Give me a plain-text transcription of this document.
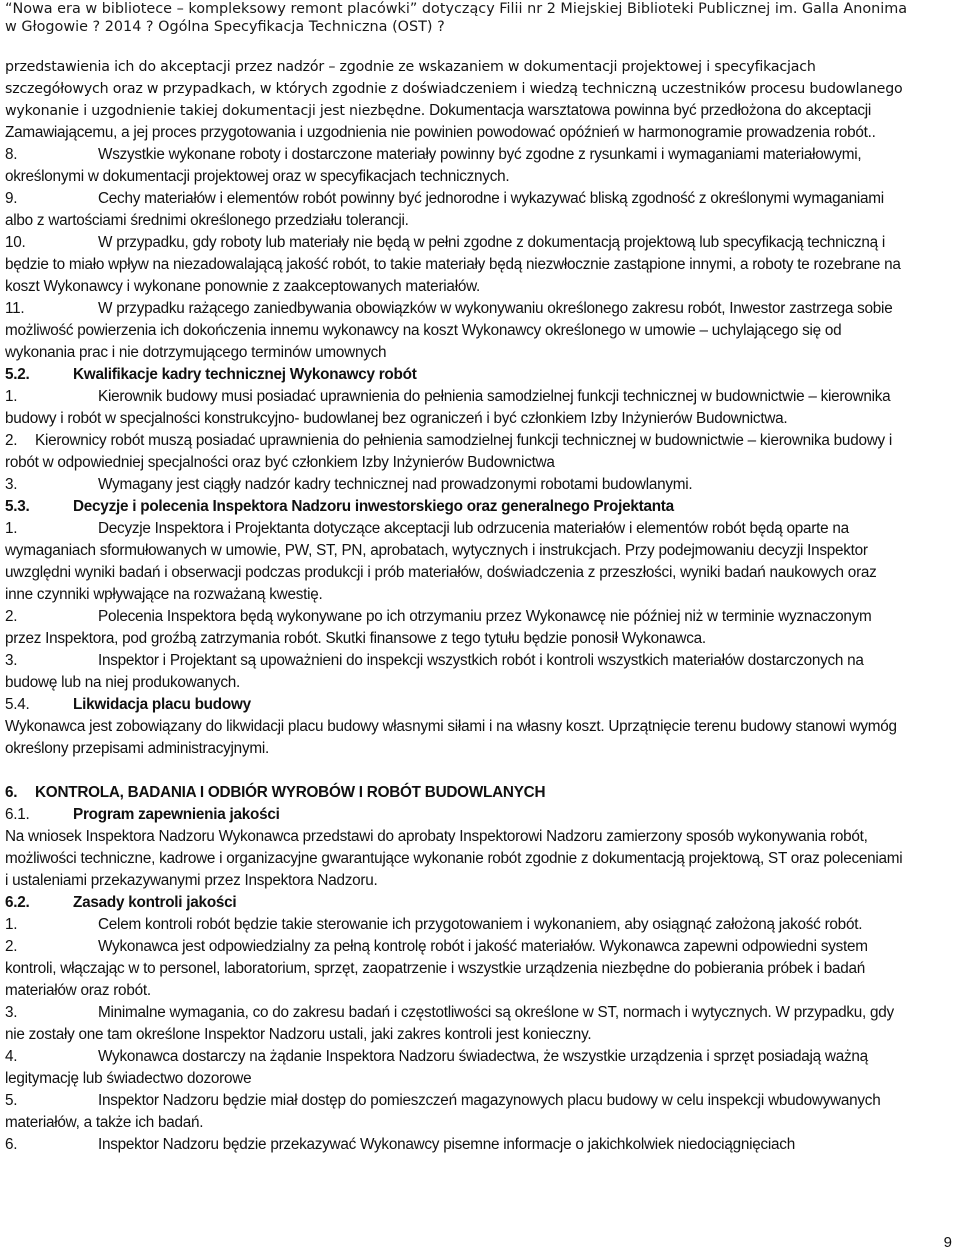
“Nowa era w bibliotece – kompleksowy remont placówki” dotyczący Filii nr 2 Miejskiej Biblioteki Publicznej im. Galla Anonima
w Głogowie ? 2014 ? Ogólna Specyfikacja Techniczna (OST) ?

przedstawienia ich do akceptacji przez nadzór – zgodnie ze wskazaniem w dokumentacji projektowej i specyfikacjach szczegółowych oraz w przypadkach, w których zgodnie z doświadczeniem i wiedzą techniczną uczestników procesu budowlanego wykonanie i uzgodnienie takiej dokumentacji jest niezbędne. Dokumentacja warsztatowa powinna być przedłożona do akceptacji Zamawiającemu, a jej proces przygotowania i uzgodnienia nie powinien powodować opóźnień w harmonogramie prowadzenia robót..

8.	Wszystkie wykonane roboty i dostarczone materiały powinny być zgodne z rysunkami i wymaganiami materiałowymi, określonymi w dokumentacji projektowej oraz w specyfikacjach technicznych.

9.	Cechy materiałów i elementów robót powinny być jednorodne i wykazywać bliską zgodność z określonymi wymaganiami albo z wartościami średnimi określonego przedziału tolerancji.

10.	W przypadku, gdy roboty lub materiały nie będą w pełni zgodne z dokumentacją projektową lub specyfikacją techniczną i będzie to miało wpływ na niezadowalającą jakość robót, to takie materiały będą niezwłocznie zastąpione innymi, a roboty te rozebrane na koszt Wykonawcy i wykonane ponownie z zaakceptowanych materiałów.

11.	W przypadku rażącego zaniedbywania obowiązków w wykonywaniu określonego zakresu robót, Inwestor zastrzega sobie możliwość powierzenia ich dokończenia innemu wykonawcy na koszt Wykonawcy określonego w umowie – uchylającego się od wykonania prac i nie dotrzymującego terminów umownych

5.2.	Kwalifikacje kadry technicznej Wykonawcy robót

1.	Kierownik budowy musi posiadać uprawnienia do pełnienia samodzielnej funkcji technicznej w budownictwie – kierownika budowy i robót w specjalności konstrukcyjno- budowlanej bez ograniczeń i być członkiem Izby Inżynierów Budownictwa.

2. Kierownicy robót muszą posiadać uprawnienia do pełnienia samodzielnej funkcji technicznej w budownictwie – kierownika budowy i robót w odpowiedniej specjalności oraz być członkiem Izby Inżynierów Budownictwa

3.	Wymagany jest ciągły nadzór kadry technicznej nad prowadzonymi robotami budowlanymi.

5.3.	Decyzje i polecenia Inspektora Nadzoru inwestorskiego oraz generalnego Projektanta

1.	Decyzje Inspektora i Projektanta dotyczące akceptacji lub odrzucenia materiałów i elementów robót będą oparte na wymaganiach sformułowanych w umowie, PW, ST, PN, aprobatach, wytycznych i instrukcjach. Przy podejmowaniu decyzji Inspektor uwzględni wyniki badań i obserwacji podczas produkcji i prób materiałów, doświadczenia z przeszłości, wyniki badań naukowych oraz inne czynniki wpływające na rozważaną kwestię.

2.	Polecenia Inspektora będą wykonywane po ich otrzymaniu przez Wykonawcę nie później niż w terminie wyznaczonym przez Inspektora, pod groźbą zatrzymania robót. Skutki finansowe z tego tytułu będzie ponosił Wykonawca.

3.	Inspektor i Projektant są upoważnieni do inspekcji wszystkich robót i kontroli wszystkich materiałów dostarczonych na budowę lub na niej produkowanych.

5.4.	Likwidacja placu budowy

Wykonawca jest zobowiązany do likwidacji placu budowy własnymi siłami i na własny koszt. Uprzątnięcie terenu budowy stanowi wymóg określony przepisami administracyjnymi.

6. KONTROLA, BADANIA I ODBIÓR WYROBÓW I ROBÓT BUDOWLANYCH

6.1.	Program zapewnienia jakości

Na wniosek Inspektora Nadzoru Wykonawca przedstawi do aprobaty Inspektorowi Nadzoru zamierzony sposób wykonywania robót, możliwości techniczne, kadrowe i organizacyjne gwarantujące wykonanie robót zgodnie z dokumentacją projektową, ST oraz poleceniami i ustaleniami przekazywanymi przez Inspektora Nadzoru.

6.2.	Zasady kontroli jakości

1.	Celem kontroli robót będzie takie sterowanie ich przygotowaniem i wykonaniem, aby osiągnąć założoną jakość robót.

2.	Wykonawca jest odpowiedzialny za pełną kontrolę robót i jakość materiałów. Wykonawca zapewni odpowiedni system kontroli, włączając w to personel, laboratorium, sprzęt, zaopatrzenie i wszystkie urządzenia niezbędne do pobierania próbek i badań materiałów oraz robót.

3.	Minimalne wymagania, co do zakresu badań i częstotliwości są określone w ST, normach i wytycznych. W przypadku, gdy nie zostały one tam określone Inspektor Nadzoru ustali, jaki zakres kontroli jest konieczny.

4.	Wykonawca dostarczy na żądanie Inspektora Nadzoru świadectwa, że wszystkie urządzenia i sprzęt posiadają ważną legitymację lub świadectwo dozorowe

5.	Inspektor Nadzoru będzie miał dostęp do pomieszczeń magazynowych placu budowy w celu inspekcji wbudowywanych materiałów, a także ich badań.

6.	Inspektor Nadzoru będzie przekazywać Wykonawcy pisemne informacje o jakichkolwiek niedociągnięciach

9
